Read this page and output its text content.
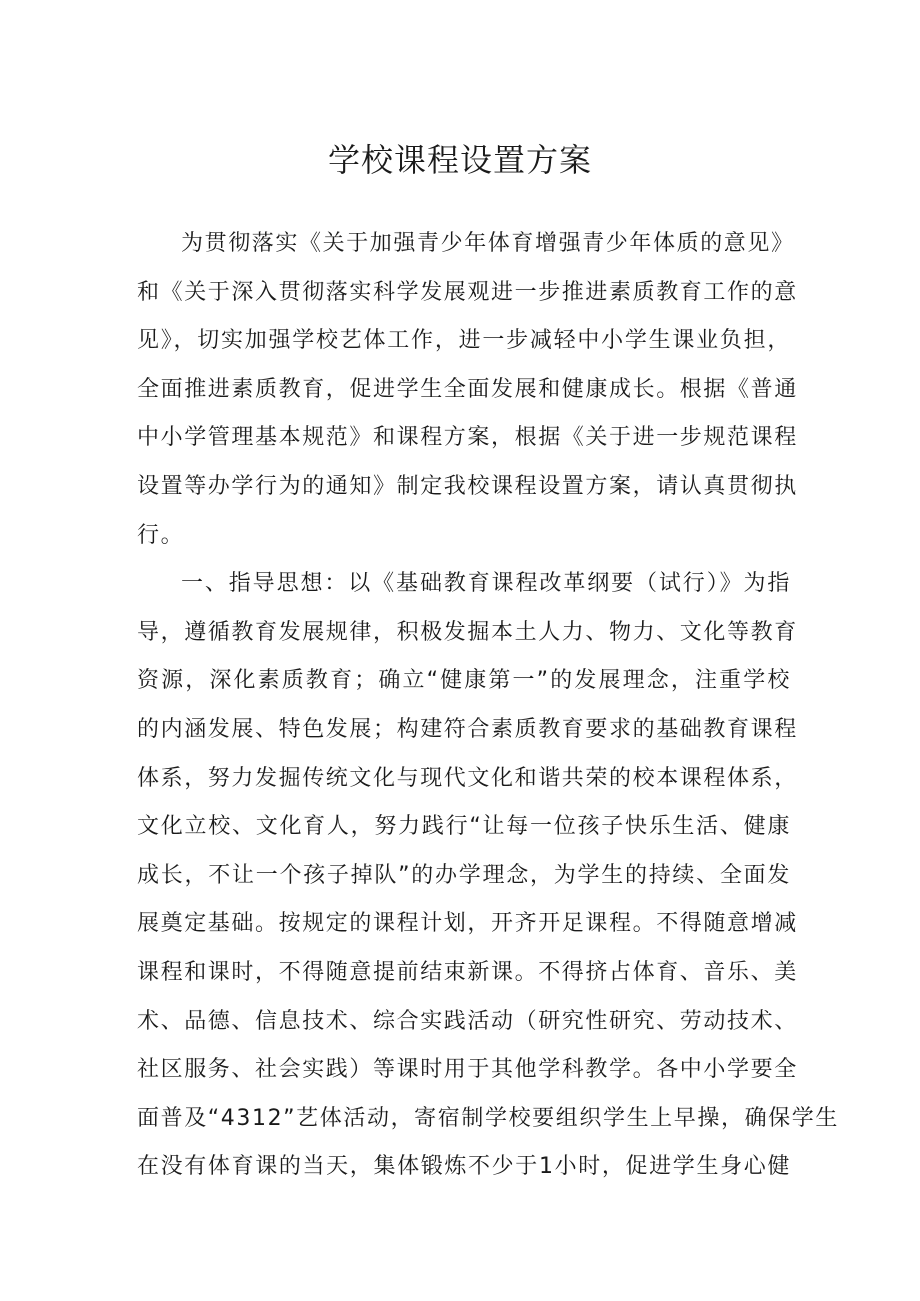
学校课程设置方案
为贯彻落实《关于加强青少年体育增强青少年体质的意见》
和《关于深入贯彻落实科学发展观进一步推进素质教育工作的意
见》，切实加强学校艺体工作，进一步减轻中小学生课业负担，
全面推进素质教育，促进学生全面发展和健康成长。根据《普通
中小学管理基本规范》和课程方案，根据《关于进一步规范课程
设置等办学行为的通知》制定我校课程设置方案，请认真贯彻执
行。
一、指导思想：以《基础教育课程改革纲要（试行）》为指
导，遵循教育发展规律，积极发掘本土人力、物力、文化等教育
资源，深化素质教育；确立“健康第一”的发展理念，注重学校
的内涵发展、特色发展；构建符合素质教育要求的基础教育课程
体系，努力发掘传统文化与现代文化和谐共荣的校本课程体系，
文化立校、文化育人，努力践行“让每一位孩子快乐生活、健康
成长，不让一个孩子掉队”的办学理念，为学生的持续、全面发
展奠定基础。按规定的课程计划，开齐开足课程。不得随意增减
课程和课时，不得随意提前结束新课。不得挤占体育、音乐、美
术、品德、信息技术、综合实践活动（研究性研究、劳动技术、
社区服务、社会实践）等课时用于其他学科教学。各中小学要全
面普及“4312”艺体活动，寄宿制学校要组织学生上早操，确保学生
在没有体育课的当天，集体锻炼不少于1小时，促进学生身心健
